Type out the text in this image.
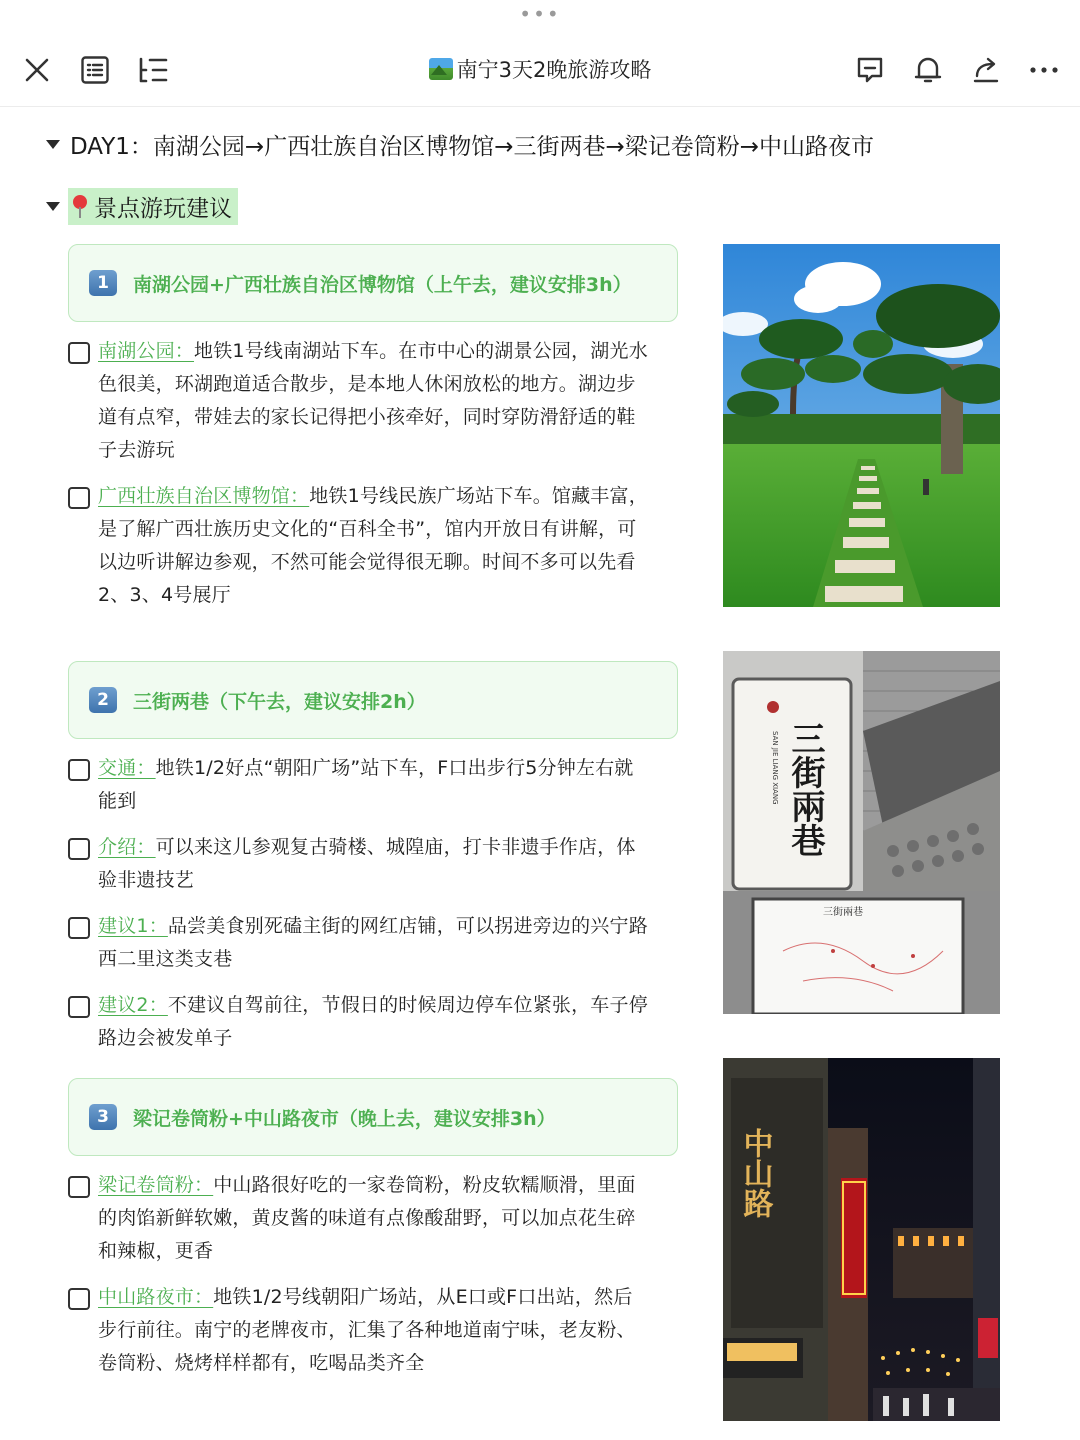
•••
南宁3天2晚旅游攻略
DAY1：南湖公园→广西壮族自治区博物馆→三街两巷→梁记卷筒粉→中山路夜市
景点游玩建议
1	南湖公园+广西壮族自治区博物馆（上午去，建议安排3h）
南湖公园：地铁1号线南湖站下车。在市中心的湖景公园，湖光水色很美，环湖跑道适合散步，是本地人休闲放松的地方。湖边步道有点窄，带娃去的家长记得把小孩牵好，同时穿防滑舒适的鞋子去游玩
广西壮族自治区博物馆：地铁1号线民族广场站下车。馆藏丰富，是了解广西壮族历史文化的“百科全书”，馆内开放日有讲解，可以边听讲解边参观，不然可能会觉得很无聊。时间不多可以先看2、3、4号展厅
2	三街两巷（下午去，建议安排2h）
交通：地铁1/2好点“朝阳广场”站下车，F口出步行5分钟左右就能到
介绍：可以来这儿参观复古骑楼、城隍庙，打卡非遗手作店，体验非遗技艺
建议1：品尝美食别死磕主街的网红店铺，可以拐进旁边的兴宁路西二里这类支巷
建议2：不建议自驾前往，节假日的时候周边停车位紧张，车子停路边会被发单子
3	梁记卷筒粉+中山路夜市（晚上去，建议安排3h）
梁记卷筒粉：中山路很好吃的一家卷筒粉，粉皮软糯顺滑，里面的肉馅新鲜软嫩，黄皮酱的味道有点像酸甜野，可以加点花生碎和辣椒，更香
中山路夜市：地铁1/2号线朝阳广场站，从E口或F口出站，然后步行前往。南宁的老牌夜市，汇集了各种地道南宁味，老友粉、卷筒粉、烧烤样样都有，吃喝品类齐全
三街兩巷
SAN JIE LIANG XIANG
三街兩巷
中山路
